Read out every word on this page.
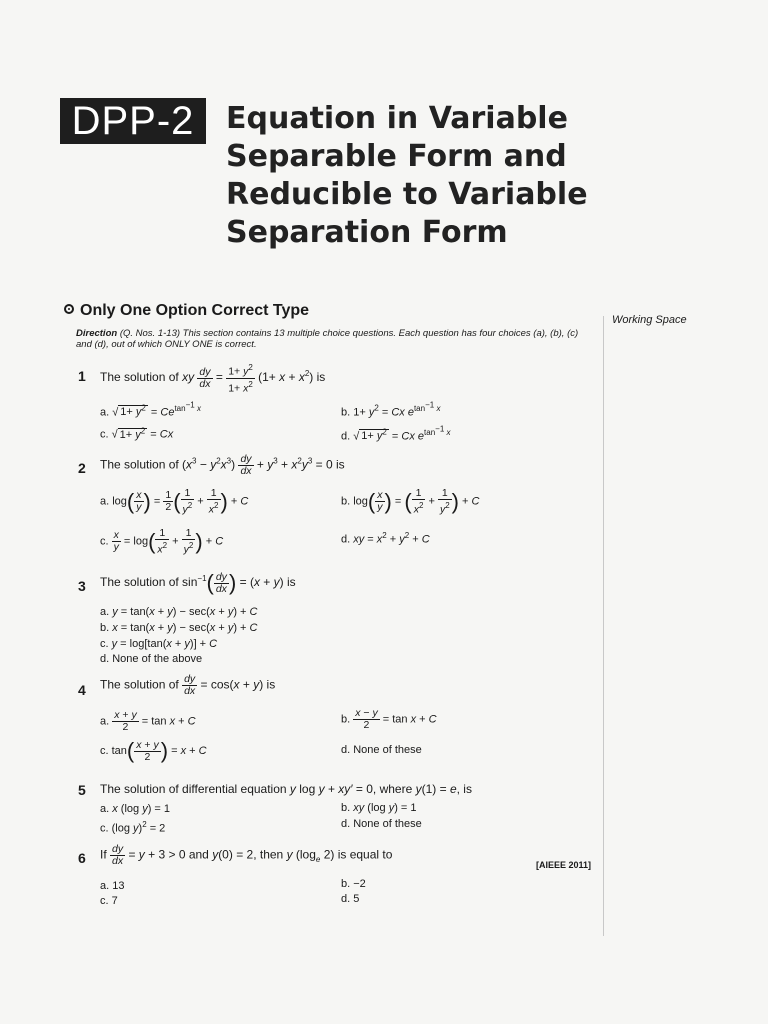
DPP-2	Equation in Variable
Separable Form and
Reducible to Variable
Separation Form
Only One Option Correct Type
Direction (Q. Nos. 1-13) This section contains 13 multiple choice questions. Each question has four choices (a), (b), (c) and (d), out of which ONLY ONE is correct.
Working Space
1 The solution of xy $\frac{dy}{dx} = \frac{1+ y^2}{1+ x^2} (1+ x + x^2)$ is
a. √ $1+ y^2 = Ce^{tan^{-1} x}$	b. $1+ y^2 = Cx$ $e^{tan^{-1} x}$
c. √ $1+ y^2 = Cx$	d. √ $1+ y^2 = Cx$ $e^{tan^{-1} x}$
2 The solution of $(x^3 - y^2x^3) \frac{dy}{dx} + y^3 + x^2y^3 = 0$ is
a. $\log( \frac{x}{y}$ ) = $\frac{1}{2}$ ( $\frac{1}{y^2} + \frac{1}{x^2}$ ) + C	b. $\log( \frac{x}{y}$ ) = ( $\frac{1}{x^2} + \frac{1}{y^2}$ ) + C
c. $\frac{x}{y} = \log( \frac{1}{x^2} + \frac{1}{y^2}$ ) + C	d. xy = $x^2 + y^2 + C$
3 The solution of $\sin^{-1}( \frac{dy}{dx}$ ) = (x + y) is
a. y = tan(x + y) − sec(x + y) + C
b. x = tan(x + y) − sec(x + y) + C
c. y = log[tan(x + y)] + C
d. None of the above
4 The solution of $\frac{dy}{dx} = \cos(x + y)$ is
a. $\frac{x + y}{2} = \tan x + C$	b. $\frac{x - y}{2} = \tan x + C$
c. $\tan( \frac{x + y}{2}$ ) = x + C	d. None of these
5 The solution of differential equation y log y + xy′ = 0, where y(1) = e, is
a. x (log y) = 1	b. xy (log y) = 1
c. (log y)$^2$ = 2	d. None of these
6 If $\frac{dy}{dx} = y + 3 > 0$ and y(0) = 2, then y ($\log_e$ 2) is equal to
[AIEEE 2011]
a. 13	b. −2
c. 7	d. 5
